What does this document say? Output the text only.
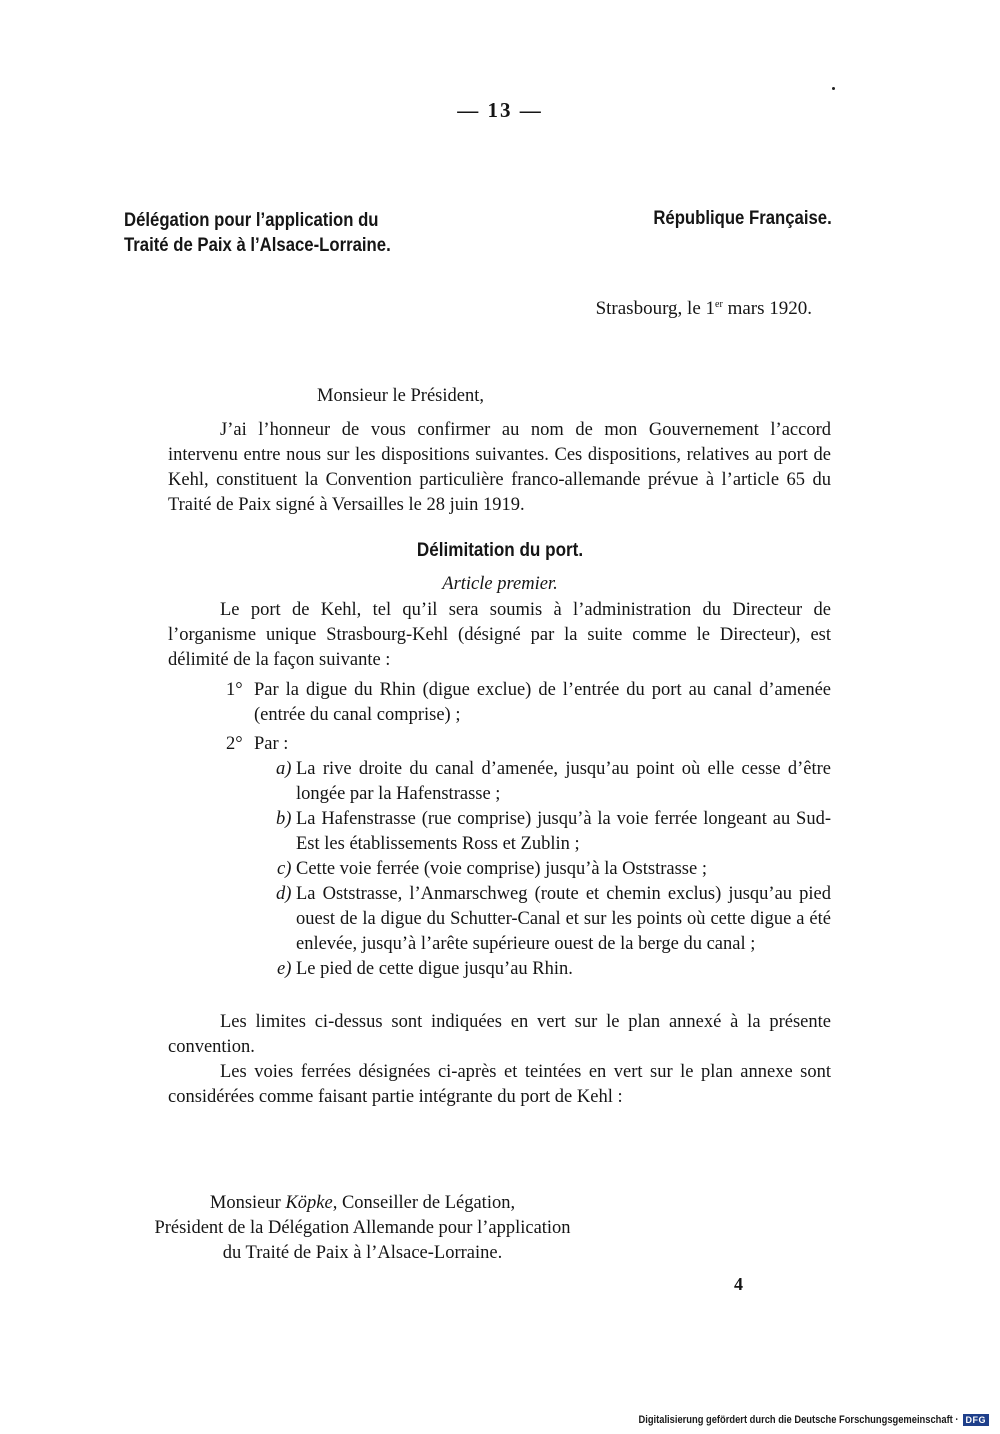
— 13 —
Délégation pour l’application du
Traité de Paix à l’Alsace-Lorraine.
République Française.
Strasbourg, le 1er mars 1920.
Monsieur le Président,
J’ai l’honneur de vous confirmer au nom de mon Gouvernement l’accord intervenu entre nous sur les dispositions suivantes. Ces dispositions, relatives au port de Kehl, constituent la Convention particulière franco-allemande prévue à l’article 65 du Traité de Paix signé à Versailles le 28 juin 1919.
Délimitation du port.
Article premier.
Le port de Kehl, tel qu’il sera soumis à l’administration du Directeur de l’organisme unique Strasbourg-Kehl (désigné par la suite comme le Directeur), est délimité de la façon suivante :
1° Par la digue du Rhin (digue exclue) de l’entrée du port au canal d’amenée (entrée du canal comprise) ;
2° Par :
a) La rive droite du canal d’amenée, jusqu’au point où elle cesse d’être longée par la Hafenstrasse ;
b) La Hafenstrasse (rue comprise) jusqu’à la voie ferrée longeant au Sud-Est les établissements Ross et Zublin ;
c) Cette voie ferrée (voie comprise) jusqu’à la Oststrasse ;
d) La Oststrasse, l’Anmarschweg (route et chemin exclus) jusqu’au pied ouest de la digue du Schutter-Canal et sur les points où cette digue a été enlevée, jusqu’à l’arête supérieure ouest de la berge du canal ;
e) Le pied de cette digue jusqu’au Rhin.
Les limites ci-dessus sont indiquées en vert sur le plan annexé à la présente convention.
Les voies ferrées désignées ci-après et teintées en vert sur le plan annexe sont considérées comme faisant partie intégrante du port de Kehl :
Monsieur Köpke, Conseiller de Légation,
Président de la Délégation Allemande pour l’application
du Traité de Paix à l’Alsace-Lorraine.
4
Digitalisierung gefördert durch die Deutsche Forschungsgemeinschaft · DFG
